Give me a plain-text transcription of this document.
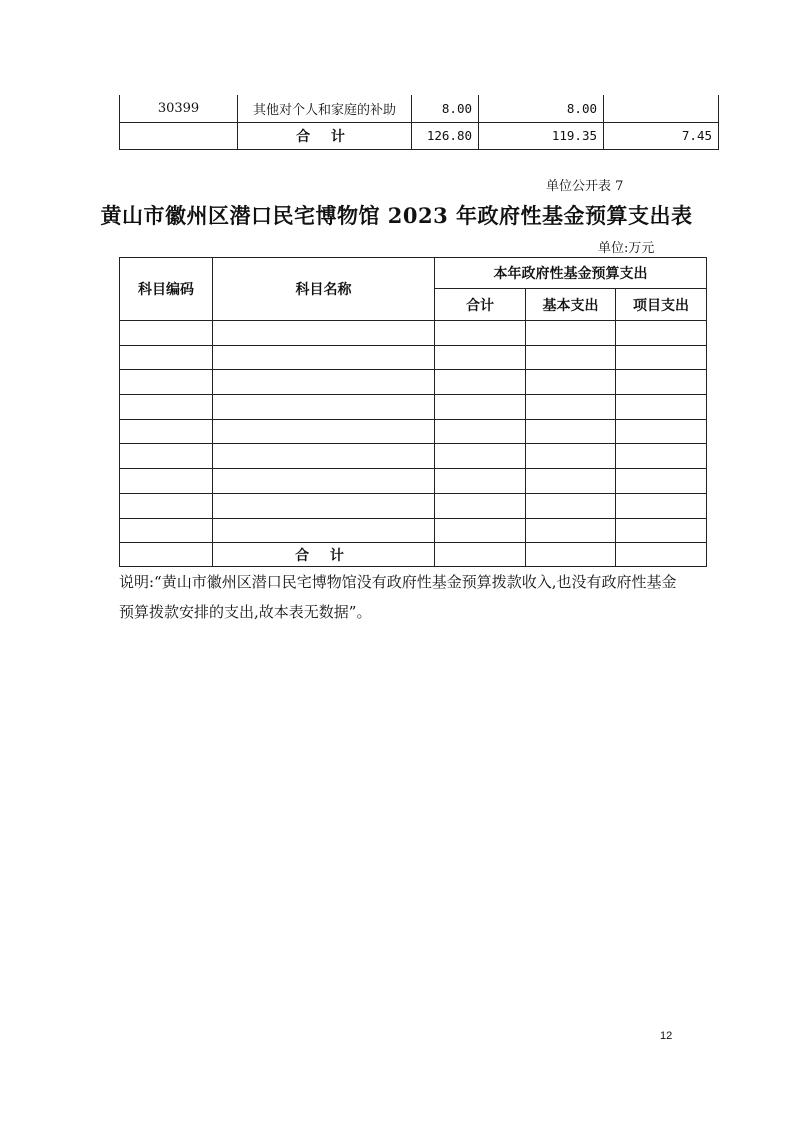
30399	其他对个人和家庭的补助	8.00	8.00	
	合 计	126.80	119.35	7.45
单位公开表 7
黄山市徽州区潜口民宅博物馆 2023 年政府性基金预算支出表
单位:万元
科目编码	科目名称	本年政府性基金预算支出		
		合计	基本支出	项目支出

	合 计			
说明:“黄山市徽州区潜口民宅博物馆没有政府性基金预算拨款收入,也没有政府性基金预算拨款安排的支出,故本表无数据”。
12
